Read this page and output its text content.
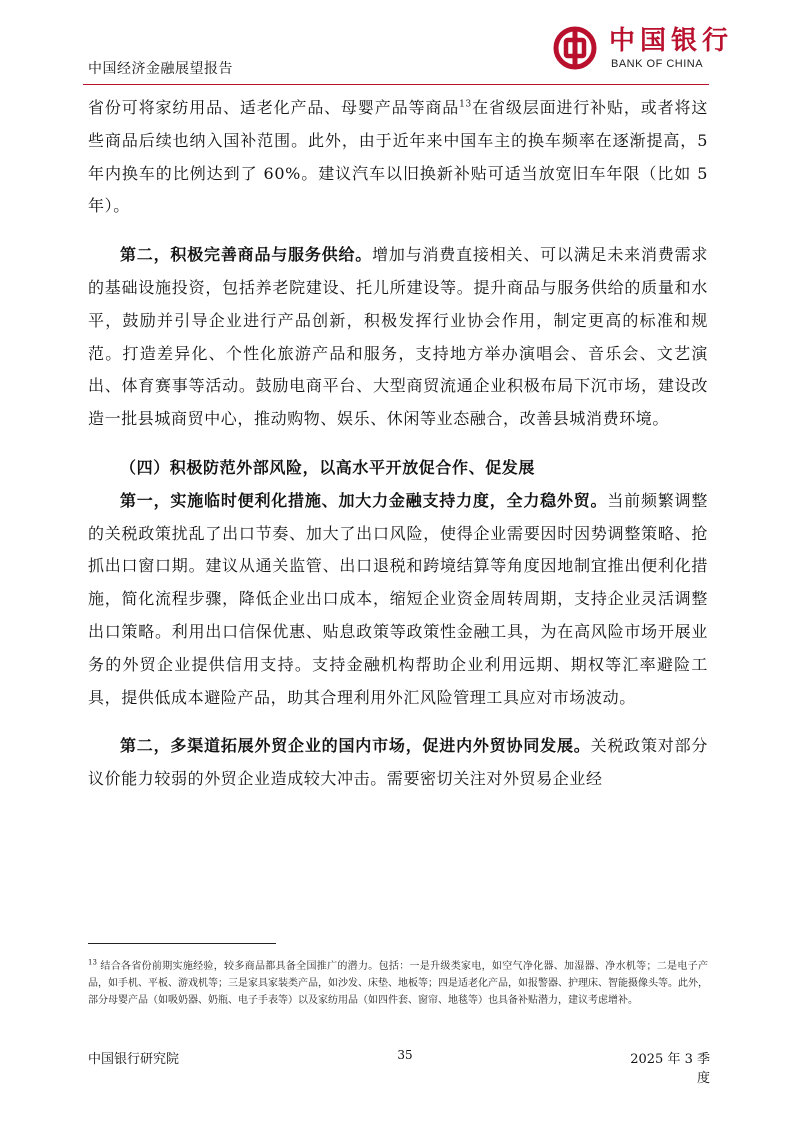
中国经济金融展望报告
中国银行
BANK OF CHINA

省份可将家纺用品、适老化产品、母婴产品等商品$^{13}$在省级层面进行补贴，或者将这些商品后续也纳入国补范围。此外，由于近年来中国车主的换车频率在逐渐提高，5 年内换车的比例达到了 60%。建议汽车以旧换新补贴可适当放宽旧车年限（比如 5 年）。

第二，积极完善商品与服务供给。增加与消费直接相关、可以满足未来消费需求的基础设施投资，包括养老院建设、托儿所建设等。提升商品与服务供给的质量和水平，鼓励并引导企业进行产品创新，积极发挥行业协会作用，制定更高的标准和规范。打造差异化、个性化旅游产品和服务，支持地方举办演唱会、音乐会、文艺演出、体育赛事等活动。鼓励电商平台、大型商贸流通企业积极布局下沉市场，建设改造一批县城商贸中心，推动购物、娱乐、休闲等业态融合，改善县城消费环境。

（四）积极防范外部风险，以高水平开放促合作、促发展

第一，实施临时便利化措施、加大力金融支持力度，全力稳外贸。当前频繁调整的关税政策扰乱了出口节奏、加大了出口风险，使得企业需要因时因势调整策略、抢抓出口窗口期。建议从通关监管、出口退税和跨境结算等角度因地制宜推出便利化措施，简化流程步骤，降低企业出口成本，缩短企业资金周转周期，支持企业灵活调整出口策略。利用出口信保优惠、贴息政策等政策性金融工具，为在高风险市场开展业务的外贸企业提供信用支持。支持金融机构帮助企业利用远期、期权等汇率避险工具，提供低成本避险产品，助其合理利用外汇风险管理工具应对市场波动。

第二，多渠道拓展外贸企业的国内市场，促进内外贸协同发展。关税政策对部分议价能力较弱的外贸企业造成较大冲击。需要密切关注对外贸易企业经

$^{13}$ 结合各省份前期实施经验，较多商品都具备全国推广的潜力。包括：一是升级类家电，如空气净化器、加湿器、净水机等；二是电子产品，如手机、平板、游戏机等；三是家具家装类产品，如沙发、床垫、地板等；四是适老化产品，如报警器、护理床、智能摄像头等。此外，部分母婴产品（如吸奶器、奶瓶、电子手表等）以及家纺用品（如四件套、窗帘、地毯等）也具备补贴潜力，建议考虑增补。
中国银行研究院	35	2025 年 3 季度
